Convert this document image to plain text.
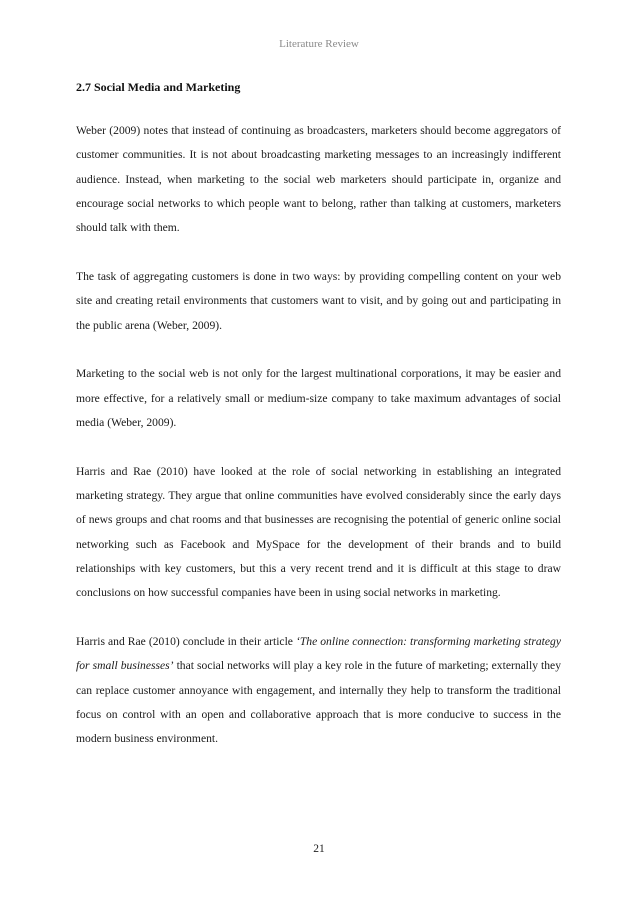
Literature Review
2.7 Social Media and Marketing

Weber (2009) notes that instead of continuing as broadcasters, marketers should become aggregators of customer communities. It is not about broadcasting marketing messages to an increasingly indifferent audience. Instead, when marketing to the social web marketers should participate in, organize and encourage social networks to which people want to belong, rather than talking at customers, marketers should talk with them.

The task of aggregating customers is done in two ways: by providing compelling content on your web site and creating retail environments that customers want to visit, and by going out and participating in the public arena (Weber, 2009).

Marketing to the social web is not only for the largest multinational corporations, it may be easier and more effective, for a relatively small or medium-size company to take maximum advantages of social media (Weber, 2009).

Harris and Rae (2010) have looked at the role of social networking in establishing an integrated marketing strategy. They argue that online communities have evolved considerably since the early days of news groups and chat rooms and that businesses are recognising the potential of generic online social networking such as Facebook and MySpace for the development of their brands and to build relationships with key customers, but this a very recent trend and it is difficult at this stage to draw conclusions on how successful companies have been in using social networks in marketing.

Harris and Rae (2010) conclude in their article ‘The online connection: transforming marketing strategy for small businesses’ that social networks will play a key role in the future of marketing; externally they can replace customer annoyance with engagement, and internally they help to transform the traditional focus on control with an open and collaborative approach that is more conducive to success in the modern business environment.

21
